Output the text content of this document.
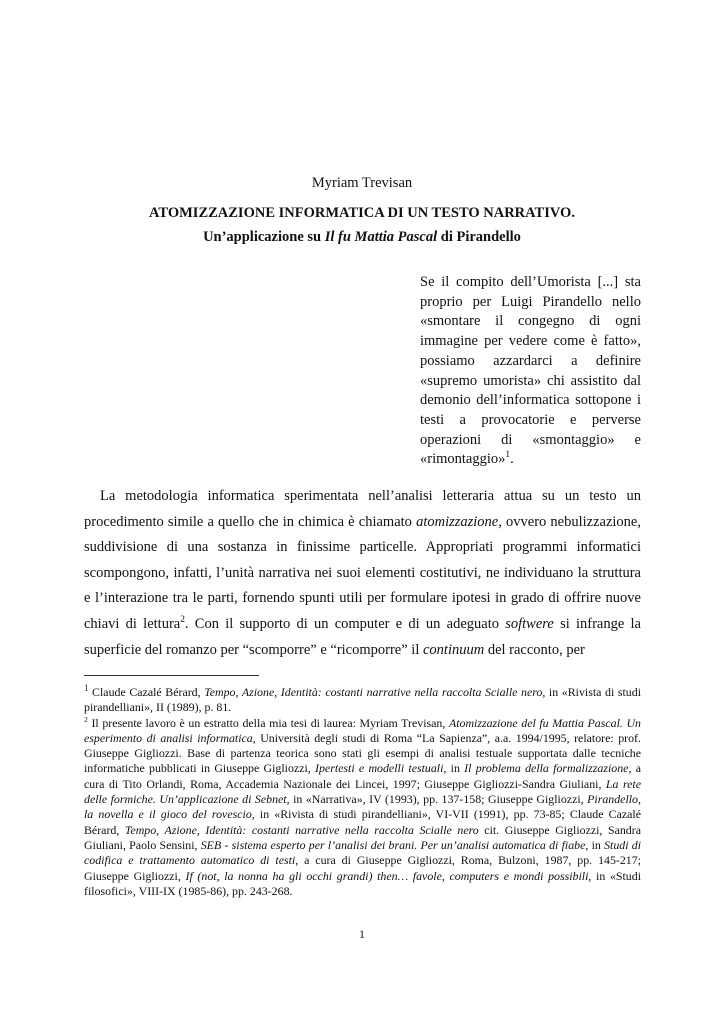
Myriam Trevisan
ATOMIZZAZIONE INFORMATICA DI UN TESTO NARRATIVO.
Un’applicazione su Il fu Mattia Pascal di Pirandello
Se il compito dell’Umorista [...] sta proprio per Luigi Pirandello nello «smontare il congegno di ogni immagine per vedere come è fatto», possiamo azzardarci a definire «supremo umorista» chi assistito dal demonio dell’informatica sottopone i testi a provocatorie e perverse operazioni di «smontaggio» e «rimontaggio»$^1$.
La metodologia informatica sperimentata nell’analisi letteraria attua su un testo un procedimento simile a quello che in chimica è chiamato atomizzazione, ovvero nebulizzazione, suddivisione di una sostanza in finissime particelle. Appropriati programmi informatici scompongono, infatti, l’unità narrativa nei suoi elementi costitutivi, ne individuano la struttura e l’interazione tra le parti, fornendo spunti utili per formulare ipotesi in grado di offrire nuove chiavi di lettura$^2$. Con il supporto di un computer e di un adeguato softwere si infrange la superficie del romanzo per “scomporre” e “ricomporre” il continuum del racconto, per

$^1$ Claude Cazalé Bérard, Tempo, Azione, Identità: costanti narrative nella raccolta Scialle nero, in «Rivista di studi pirandelliani», II (1989), p. 81.

$^2$ Il presente lavoro è un estratto della mia tesi di laurea: Myriam Trevisan, Atomizzazione del fu Mattia Pascal. Un esperimento di analisi informatica, Università degli studi di Roma “La Sapienza”, a.a. 1994/1995, relatore: prof. Giuseppe Gigliozzi. Base di partenza teorica sono stati gli esempi di analisi testuale supportata dalle tecniche informatiche pubblicati in Giuseppe Gigliozzi, Ipertesti e modelli testuali, in Il problema della formalizzazione, a cura di Tito Orlandi, Roma, Accademia Nazionale dei Lincei, 1997; Giuseppe Gigliozzi-Sandra Giuliani, La rete delle formiche. Un’applicazione di Sebnet, in «Narrativa», IV (1993), pp. 137-158; Giuseppe Gigliozzi, Pirandello, la novella e il gioco del rovescio, in «Rivista di studi pirandelliani», VI-VII (1991), pp. 73-85; Claude Cazalé Bérard, Tempo, Azione, Identità: costanti narrative nella raccolta Scialle nero cit. Giuseppe Gigliozzi, Sandra Giuliani, Paolo Sensini, SEB - sistema esperto per l’analisi dei brani. Per un’analisi automatica di fiabe, in Studi di codifica e trattamento automatico di testi, a cura di Giuseppe Gigliozzi, Roma, Bulzoni, 1987, pp. 145-217; Giuseppe Gigliozzi, If (not, la nonna ha gli occhi grandi) then… favole, computers e mondi possibili, in «Studi filosofici», VIII-IX (1985-86), pp. 243-268.

1
